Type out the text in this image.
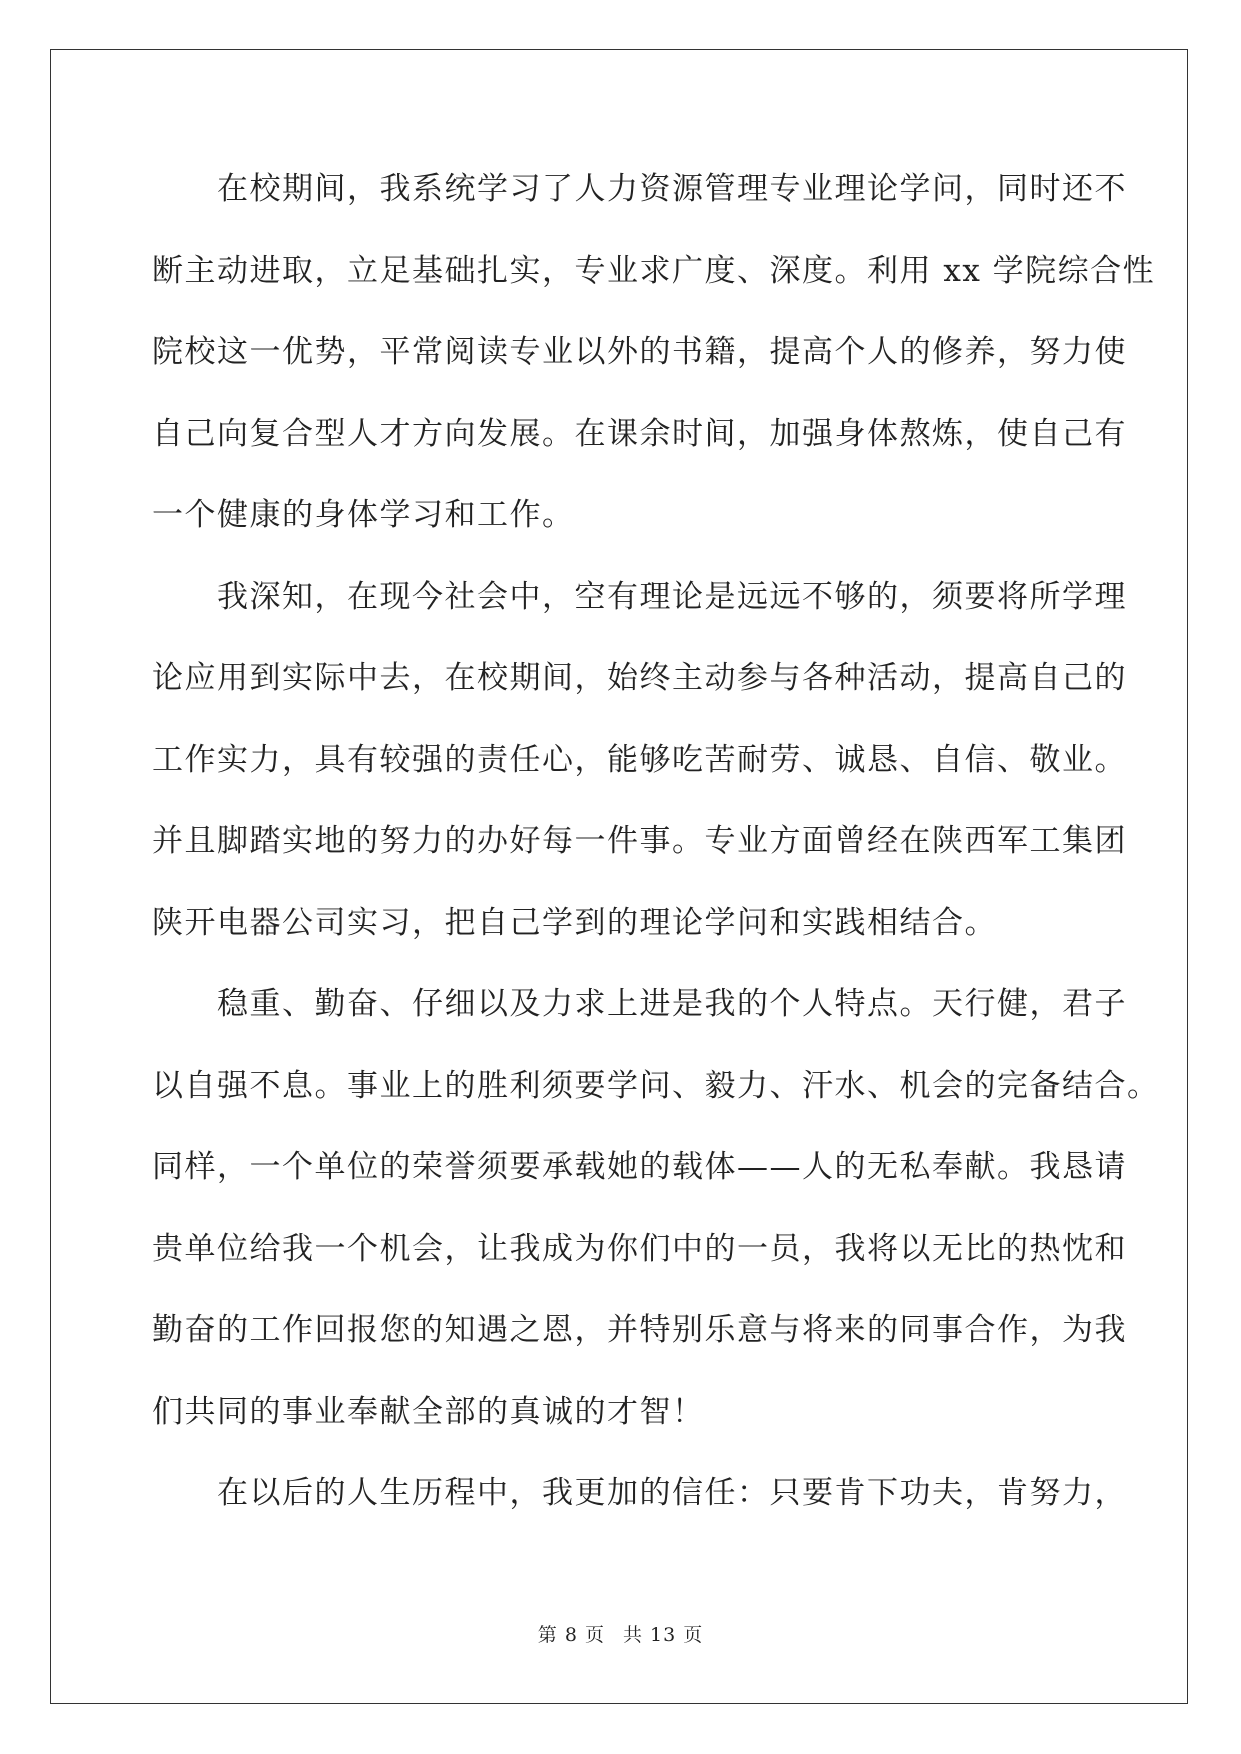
　　在校期间，我系统学习了人力资源管理专业理论学问，同时还不
断主动进取，立足基础扎实，专业求广度、深度。利用 xx 学院综合性
院校这一优势，平常阅读专业以外的书籍，提高个人的修养，努力使
自己向复合型人才方向发展。在课余时间，加强身体熬炼，使自己有
一个健康的身体学习和工作。
　　我深知，在现今社会中，空有理论是远远不够的，须要将所学理
论应用到实际中去，在校期间，始终主动参与各种活动，提高自己的
工作实力，具有较强的责任心，能够吃苦耐劳、诚恳、自信、敬业。
并且脚踏实地的努力的办好每一件事。专业方面曾经在陕西军工集团
陕开电器公司实习，把自己学到的理论学问和实践相结合。
　　稳重、勤奋、仔细以及力求上进是我的个人特点。天行健，君子
以自强不息。事业上的胜利须要学问、毅力、汗水、机会的完备结合。
同样，一个单位的荣誉须要承载她的载体——人的无私奉献。我恳请
贵单位给我一个机会，让我成为你们中的一员，我将以无比的热忱和
勤奋的工作回报您的知遇之恩，并特别乐意与将来的同事合作，为我
们共同的事业奉献全部的真诚的才智！
　　在以后的人生历程中，我更加的信任：只要肯下功夫，肯努力，
第 8 页 共 13 页
